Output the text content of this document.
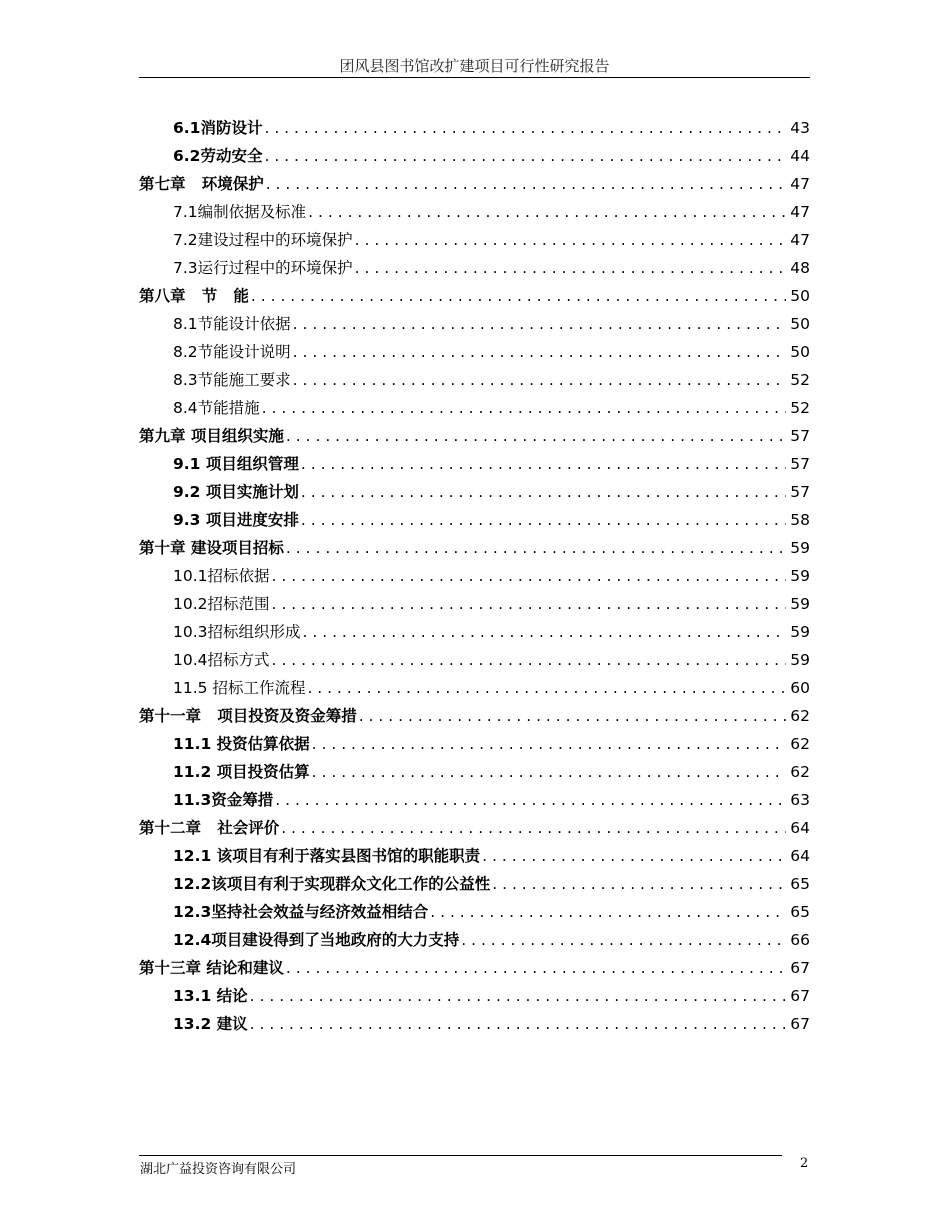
团风县图书馆改扩建项目可行性研究报告
6.1消防设计 . . .	43
6.2劳动安全 . . .	44
第七章   环境保护 . . .	47
7.1编制依据及标准 . . .	47
7.2建设过程中的环境保护 . . .	47
7.3运行过程中的环境保护 . . .	48
第八章   节   能 . . .	50
8.1节能设计依据 . . .	50
8.2节能设计说明 . . .	50
8.3节能施工要求 . . .	52
8.4节能措施 . . .	52
第九章 项目组织实施 . . .	57
9.1 项目组织管理 . . .	57
9.2 项目实施计划 . . .	57
9.3 项目进度安排 . . .	58
第十章 建设项目招标 . . .	59
10.1招标依据 . . .	59
10.2招标范围 . . .	59
10.3招标组织形成 . . .	59
10.4招标方式 . . .	59
11.5 招标工作流程 . . .	60
第十一章   项目投资及资金筹措 . . .	62
11.1 投资估算依据 . . .	62
11.2 项目投资估算 . . .	62
11.3资金筹措 . . .	63
第十二章   社会评价 . . .	64
12.1 该项目有利于落实县图书馆的职能职责 . . .	64
12.2该项目有利于实现群众文化工作的公益性 . . .	65
12.3坚持社会效益与经济效益相结合 . . .	65
12.4项目建设得到了当地政府的大力支持 . . .	66
第十三章 结论和建议 . . .	67
13.1 结论 . . .	67
13.2 建议 . . .	67
湖北广益投资咨询有限公司	2
